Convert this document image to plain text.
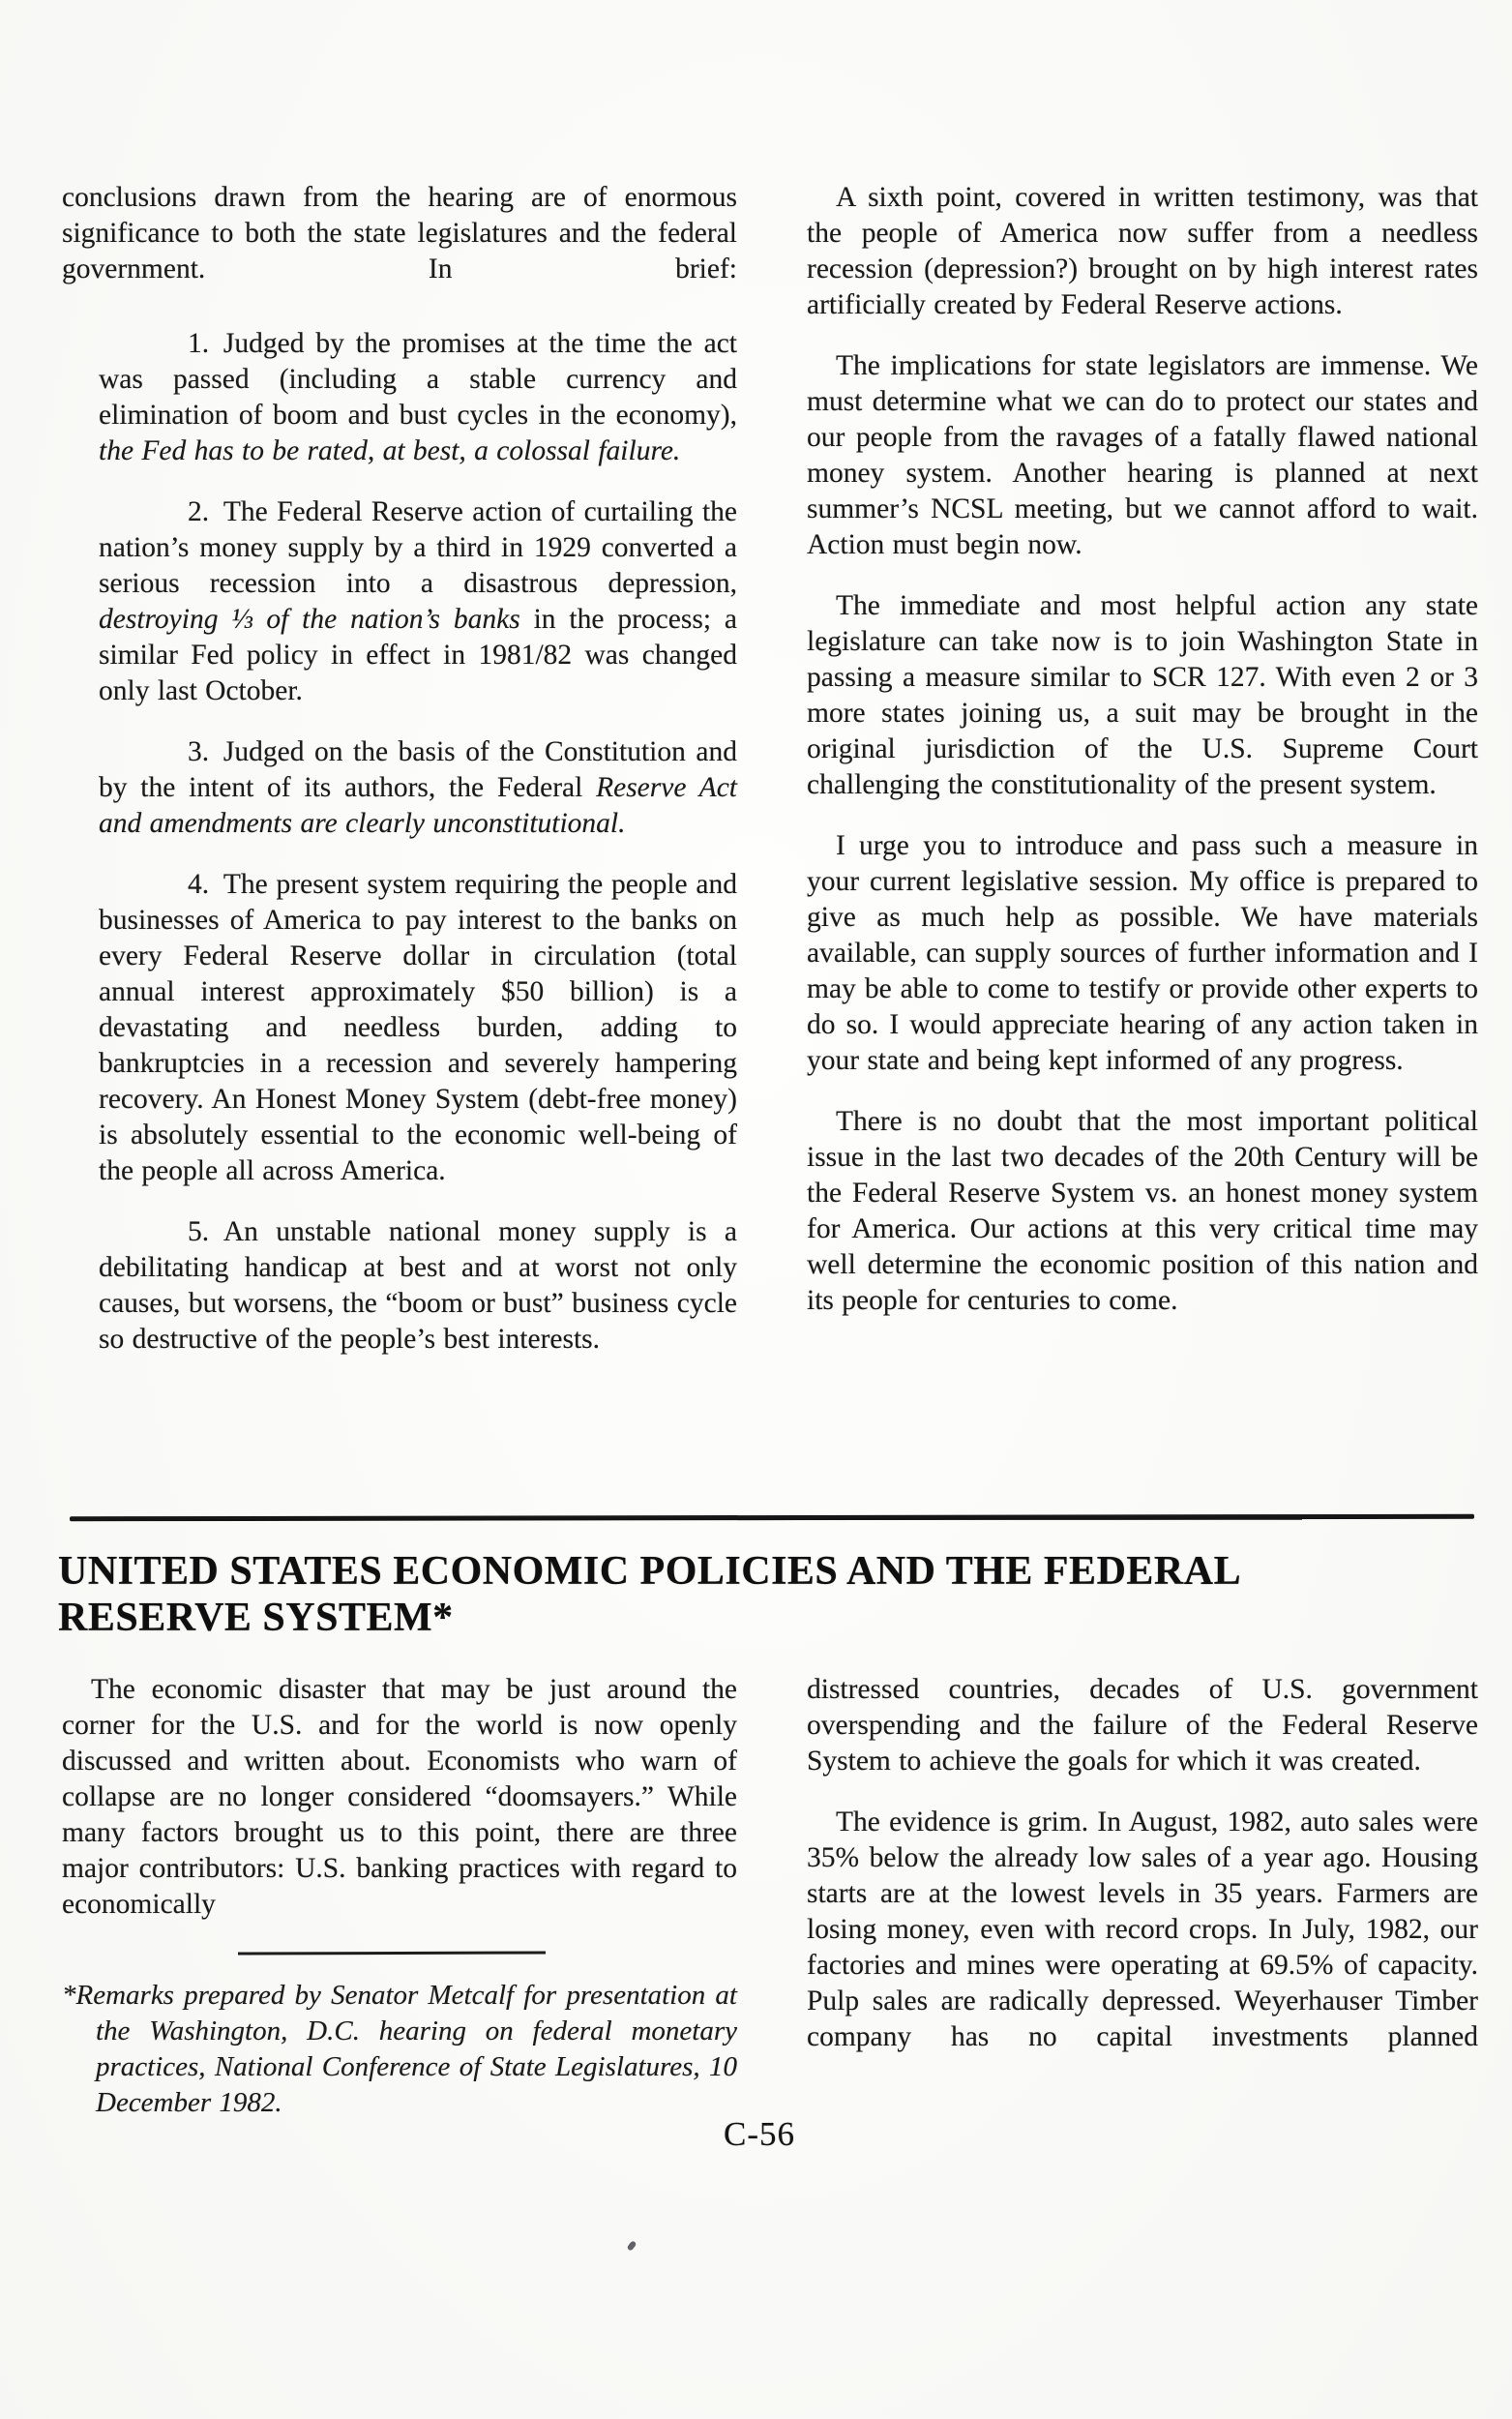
conclusions drawn from the hearing are of enormous significance to both the state legislatures and the federal government. In brief:

1. Judged by the promises at the time the act was passed (including a stable currency and elimination of boom and bust cycles in the economy), the Fed has to be rated, at best, a colossal failure.

2. The Federal Reserve action of curtailing the nation’s money supply by a third in 1929 converted a serious recession into a disastrous depression, destroying ⅓ of the nation’s banks in the process; a similar Fed policy in effect in 1981/82 was changed only last October.

3. Judged on the basis of the Constitution and by the intent of its authors, the Federal Reserve Act and amendments are clearly unconstitutional.

4. The present system requiring the people and businesses of America to pay interest to the banks on every Federal Reserve dollar in circulation (total annual interest approximately $50 billion) is a devastating and needless burden, adding to bankruptcies in a recession and severely hampering recovery. An Honest Money System (debt-free money) is absolutely essential to the economic well-being of the people all across America.

5. An unstable national money supply is a debilitating handicap at best and at worst not only causes, but worsens, the “boom or bust” business cycle so destructive of the people’s best interests.

A sixth point, covered in written testimony, was that the people of America now suffer from a needless recession (depression?) brought on by high interest rates artificially created by Federal Reserve actions.

The implications for state legislators are immense. We must determine what we can do to protect our states and our people from the ravages of a fatally flawed national money system. Another hearing is planned at next summer’s NCSL meeting, but we cannot afford to wait. Action must begin now.

The immediate and most helpful action any state legislature can take now is to join Washington State in passing a measure similar to SCR 127. With even 2 or 3 more states joining us, a suit may be brought in the original jurisdiction of the U.S. Supreme Court challenging the constitutionality of the present system.

I urge you to introduce and pass such a measure in your current legislative session. My office is prepared to give as much help as possible. We have materials available, can supply sources of further information and I may be able to come to testify or provide other experts to do so. I would appreciate hearing of any action taken in your state and being kept informed of any progress.

There is no doubt that the most important political issue in the last two decades of the 20th Century will be the Federal Reserve System vs. an honest money system for America. Our actions at this very critical time may well determine the economic position of this nation and its people for centuries to come.

UNITED STATES ECONOMIC POLICIES AND THE FEDERAL
RESERVE SYSTEM*

The economic disaster that may be just around the corner for the U.S. and for the world is now openly discussed and written about. Economists who warn of collapse are no longer considered “doomsayers.” While many factors brought us to this point, there are three major contributors: U.S. banking practices with regard to economically

*Remarks prepared by Senator Metcalf for presentation at the Washington, D.C. hearing on federal monetary practices, National Conference of State Legislatures, 10 December 1982.

distressed countries, decades of U.S. government overspending and the failure of the Federal Reserve System to achieve the goals for which it was created.

The evidence is grim. In August, 1982, auto sales were 35% below the already low sales of a year ago. Housing starts are at the lowest levels in 35 years. Farmers are losing money, even with record crops. In July, 1982, our factories and mines were operating at 69.5% of capacity. Pulp sales are radically depressed. Weyerhauser Timber company has no capital investments planned

C-56
